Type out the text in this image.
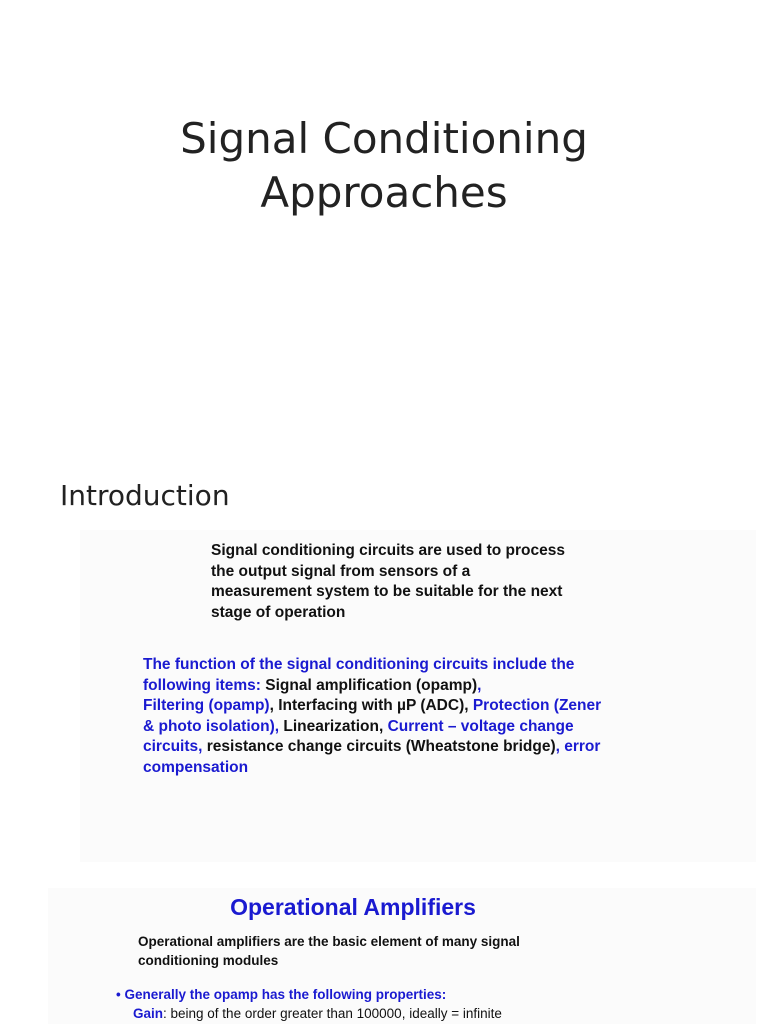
Signal Conditioning
Approaches
Introduction

Signal conditioning circuits are used to process the output signal from sensors of a measurement system to be suitable for the next stage of operation

The function of the signal conditioning circuits include the following items: Signal amplification (opamp),
Filtering (opamp), Interfacing with µP (ADC), Protection (Zener & photo isolation), Linearization, Current – voltage change circuits, resistance change circuits (Wheatstone bridge), error compensation

Operational Amplifiers

Operational amplifiers are the basic element of many signal conditioning modules

• Generally the opamp has the following properties:

Gain: being of the order greater than 100000, ideally = infinite
